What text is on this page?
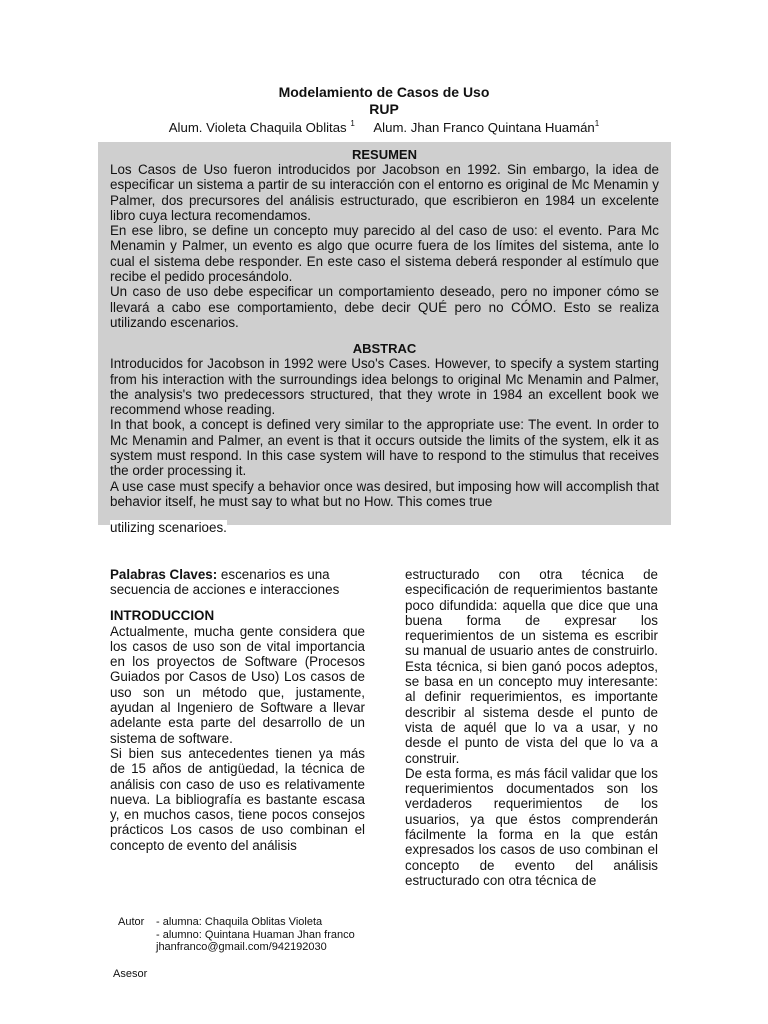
Modelamiento de Casos de Uso
RUP
Alum. Violeta Chaquila Oblitas $^1$ Alum. Jhan Franco Quintana Huamán$^1$
RESUMEN

Los Casos de Uso fueron introducidos por Jacobson en 1992. Sin embargo, la idea de especificar un sistema a partir de su interacción con el entorno es original de Mc Menamin y Palmer, dos precursores del análisis estructurado, que escribieron en 1984 un excelente libro cuya lectura recomendamos.

En ese libro, se define un concepto muy parecido al del caso de uso: el evento. Para Mc Menamin y Palmer, un evento es algo que ocurre fuera de los límites del sistema, ante lo cual el sistema debe responder. En este caso el sistema deberá responder al estímulo que recibe el pedido procesándolo.

Un caso de uso debe especificar un comportamiento deseado, pero no imponer cómo se llevará a cabo ese comportamiento, debe decir QUÉ pero no CÓMO. Esto se realiza utilizando escenarios.

ABSTRAC

Introducidos for Jacobson in 1992 were Uso's Cases. However, to specify a system starting from his interaction with the surroundings idea belongs to original Mc Menamin and Palmer, the analysis's two predecessors structured, that they wrote in 1984 an excellent book we recommend whose reading.

In that book, a concept is defined very similar to the appropriate use: The event. In order to Mc Menamin and Palmer, an event is that it occurs outside the limits of the system, elk it as system must respond. In this case system will have to respond to the stimulus that receives the order processing it.

A use case must specify a behavior once was desired, but imposing how will accomplish that behavior itself, he must say to what but no How. This comes true

utilizing scenarioes.

Palabras Claves: escenarios es una secuencia de acciones e interacciones

INTRODUCCION

Actualmente, mucha gente considera que los casos de uso son de vital importancia en los proyectos de Software (Procesos Guiados por Casos de Uso) Los casos de uso son un método que, justamente, ayudan al Ingeniero de Software a llevar adelante esta parte del desarrollo de un sistema de software.

Si bien sus antecedentes tienen ya más de 15 años de antigüedad, la técnica de análisis con caso de uso es relativamente nueva. La bibliografía es bastante escasa y, en muchos casos, tiene pocos consejos prácticos Los casos de uso combinan el concepto de evento del análisis

estructurado con otra técnica de especificación de requerimientos bastante poco difundida: aquella que dice que una buena forma de expresar los requerimientos de un sistema es escribir su manual de usuario antes de construirlo. Esta técnica, si bien ganó pocos adeptos, se basa en un concepto muy interesante: al definir requerimientos, es importante describir al sistema desde el punto de vista de aquél que lo va a usar, y no desde el punto de vista del que lo va a construir.

De esta forma, es más fácil validar que los requerimientos documentados son los verdaderos requerimientos de los usuarios, ya que éstos comprenderán fácilmente la forma en la que están expresados los casos de uso combinan el concepto de evento del análisis estructurado con otra técnica de

Autor - alumna: Chaquila Oblitas Violeta
- alumno: Quintana Huaman Jhan franco
jhanfranco@gmail.com/942192030
Asesor
